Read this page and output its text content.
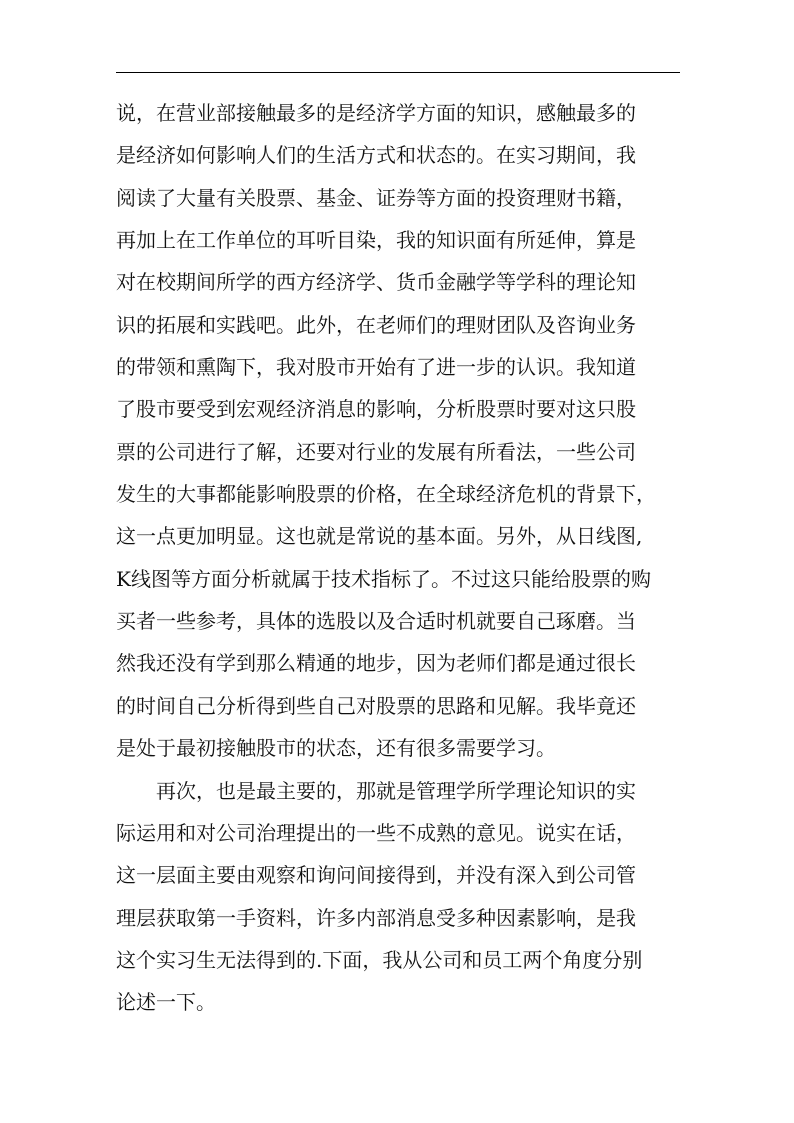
说，在营业部接触最多的是经济学方面的知识，感触最多的
是经济如何影响人们的生活方式和状态的。在实习期间，我
阅读了大量有关股票、基金、证券等方面的投资理财书籍，
再加上在工作单位的耳听目染，我的知识面有所延伸，算是
对在校期间所学的西方经济学、货币金融学等学科的理论知
识的拓展和实践吧。此外，在老师们的理财团队及咨询业务
的带领和熏陶下，我对股市开始有了进一步的认识。我知道
了股市要受到宏观经济消息的影响，分析股票时要对这只股
票的公司进行了解，还要对行业的发展有所看法，一些公司
发生的大事都能影响股票的价格，在全球经济危机的背景下，
这一点更加明显。这也就是常说的基本面。另外，从日线图,
K线图等方面分析就属于技术指标了。不过这只能给股票的购
买者一些参考，具体的选股以及合适时机就要自己琢磨。当
然我还没有学到那么精通的地步，因为老师们都是通过很长
的时间自己分析得到些自己对股票的思路和见解。我毕竟还
是处于最初接触股市的状态，还有很多需要学习。
　　再次，也是最主要的，那就是管理学所学理论知识的实
际运用和对公司治理提出的一些不成熟的意见。说实在话，
这一层面主要由观察和询问间接得到，并没有深入到公司管
理层获取第一手资料，许多内部消息受多种因素影响，是我
这个实习生无法得到的.下面，我从公司和员工两个角度分别
论述一下。
